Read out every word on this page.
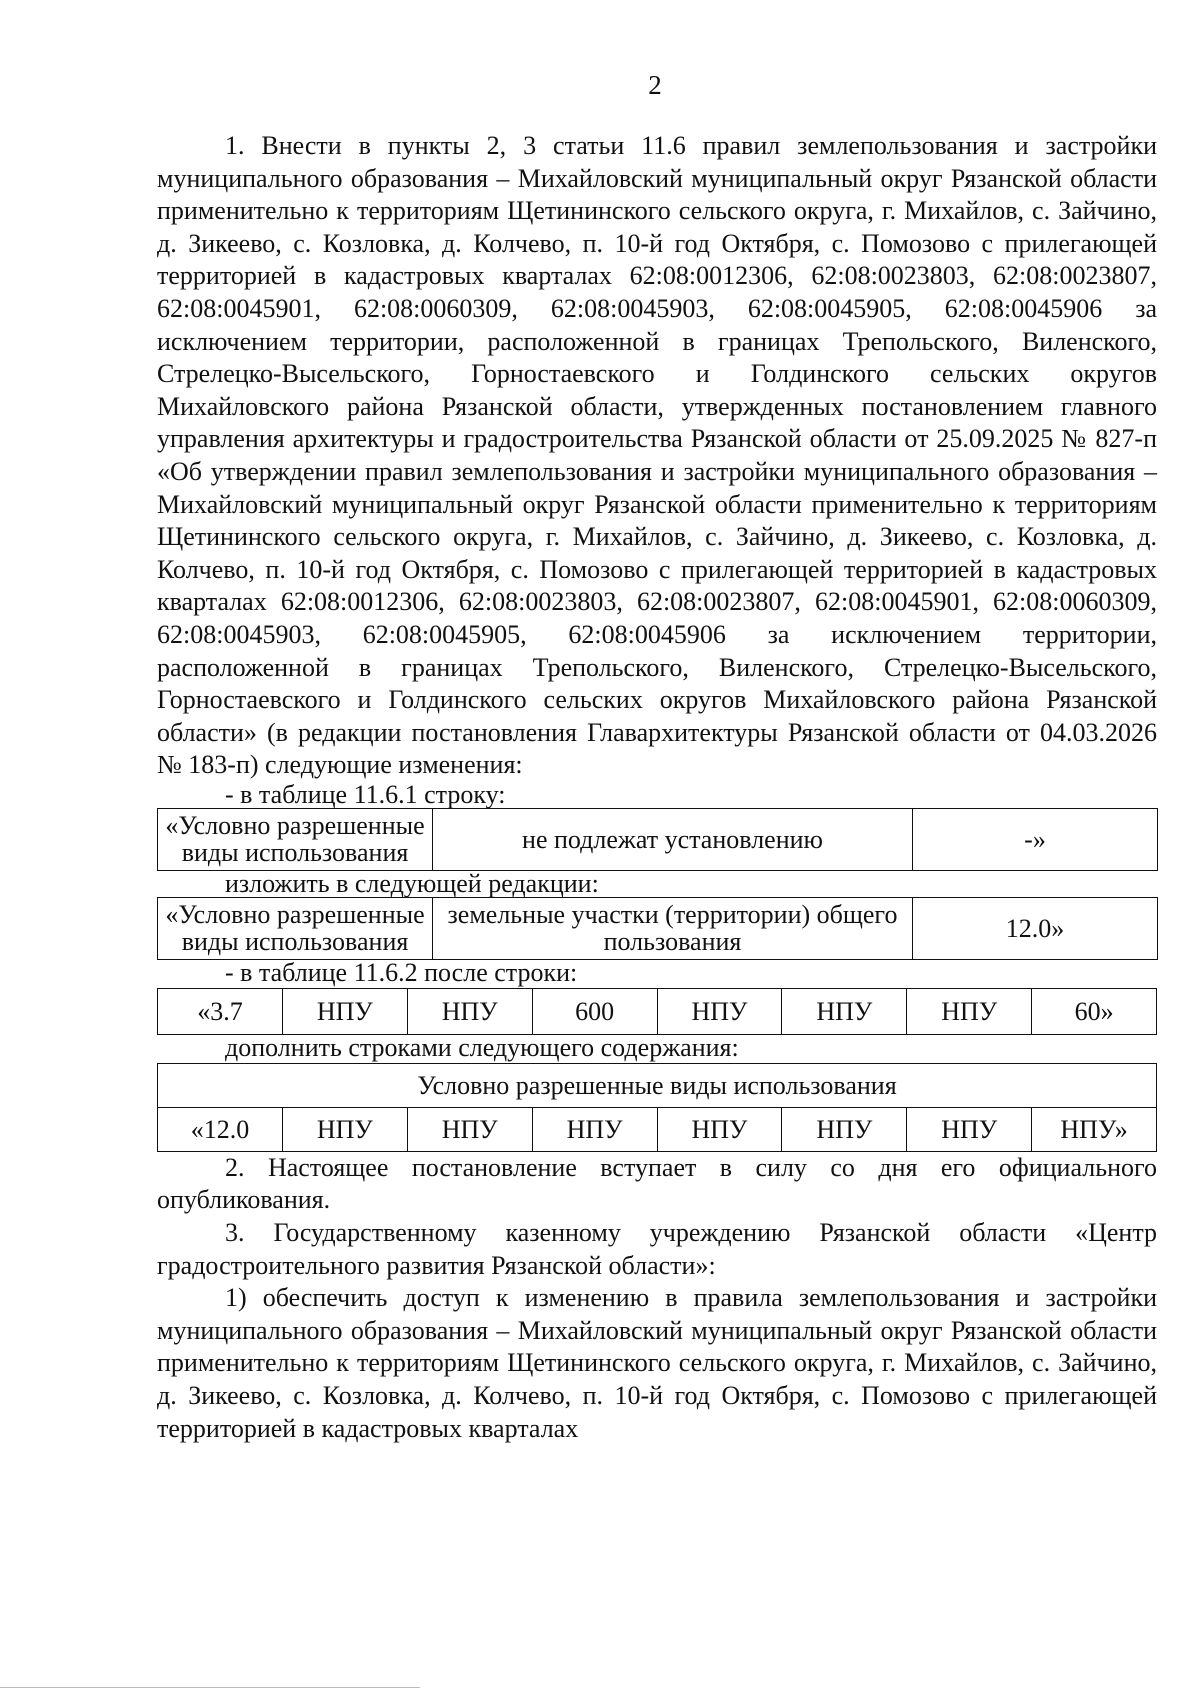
2

1. Внести в пункты 2, 3 статьи 11.6 правил землепользования и застройки муниципального образования – Михайловский муниципальный округ Рязанской области применительно к территориям Щетининского сельского округа, г. Михайлов, с. Зайчино, д. Зикеево, с. Козловка, д. Колчево, п. 10-й год Октября, с. Помозово с прилегающей территорией в кадастровых кварталах 62:08:0012306, 62:08:0023803, 62:08:0023807, 62:08:0045901, 62:08:0060309, 62:08:0045903, 62:08:0045905, 62:08:0045906 за исключением территории, расположенной в границах Трепольского, Виленского, Стрелецко-Высельского, Горностаевского и Голдинского сельских округов Михайловского района Рязанской области, утвержденных постановлением главного управления архитектуры и градостроительства Рязанской области от 25.09.2025 № 827-п «Об утверждении правил землепользования и застройки муниципального образования – Михайловский муниципальный округ Рязанской области применительно к территориям Щетининского сельского округа, г. Михайлов, с. Зайчино, д. Зикеево, с. Козловка, д. Колчево, п. 10-й год Октября, с. Помозово с прилегающей территорией в кадастровых кварталах 62:08:0012306, 62:08:0023803, 62:08:0023807, 62:08:0045901, 62:08:0060309, 62:08:0045903, 62:08:0045905, 62:08:0045906 за исключением территории, расположенной в границах Трепольского, Виленского, Стрелецко-Высельского, Горностаевского и Голдинского сельских округов Михайловского района Рязанской области» (в редакции постановления Главархитектуры Рязанской области от 04.03.2026 № 183-п) следующие изменения:

- в таблице 11.6.1 строку:
«Условно разрешенные виды использования	не подлежат установлению	-»
изложить в следующей редакции:
«Условно разрешенные виды использования	земельные участки (территории) общего пользования	12.0»
- в таблице 11.6.2 после строки:
«3.7	НПУ	НПУ	600	НПУ	НПУ	НПУ	60»
дополнить строками следующего содержания:
Условно разрешенные виды использования
«12.0	НПУ	НПУ	НПУ	НПУ	НПУ	НПУ	НПУ»

2. Настоящее постановление вступает в силу со дня его официального опубликования.

3. Государственному казенному учреждению Рязанской области «Центр градостроительного развития Рязанской области»:

1) обеспечить доступ к изменению в правила землепользования и застройки муниципального образования – Михайловский муниципальный округ Рязанской области применительно к территориям Щетининского сельского округа, г. Михайлов, с. Зайчино, д. Зикеево, с. Козловка, д. Колчево, п. 10-й год Октября, с. Помозово с прилегающей территорией в кадастровых кварталах
